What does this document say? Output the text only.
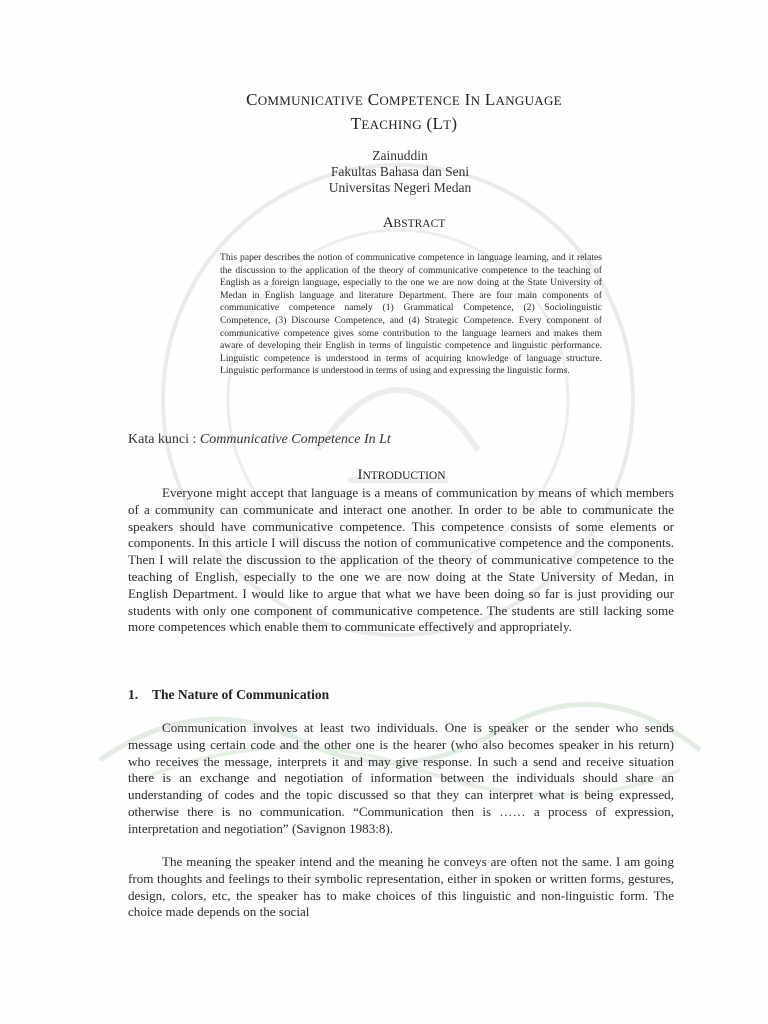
COMMUNICATIVE COMPETENCE IN LANGUAGE
TEACHING (LT)
Zainuddin
Fakultas Bahasa dan Seni
Universitas Negeri Medan
ABSTRACT
This paper describes the notion of communicative competence in language learning, and it relates the discussion to the application of the theory of communicative competence to the teaching of English as a foreign language, especially to the one we are now doing at the State University of Medan in English language and literature Department. There are four main components of communicative competence namely (1) Grammatical Competence, (2) Sociolinguistic Competence, (3) Discourse Competence, and (4) Strategic Competence. Every component of communicative competence gives some contribution to the language learners and makes them aware of developing their English in terms of linguistic competence and linguistic performance. Linguistic competence is understood in terms of acquiring knowledge of language structure. Linguistic performance is understood in terms of using and expressing the linguistic forms.
Kata kunci : Communicative Competence In Lt
INTRODUCTION
Everyone might accept that language is a means of communication by means of which members of a community can communicate and interact one another. In order to be able to communicate the speakers should have communicative competence. This competence consists of some elements or components. In this article I will discuss the notion of communicative competence and the components. Then I will relate the discussion to the application of the theory of communicative competence to the teaching of English, especially to the one we are now doing at the State University of Medan, in English Department. I would like to argue that what we have been doing so far is just providing our students with only one component of communicative competence. The students are still lacking some more competences which enable them to communicate effectively and appropriately.
1. The Nature of Communication
Communication involves at least two individuals. One is speaker or the sender who sends message using certain code and the other one is the hearer (who also becomes speaker in his return) who receives the message, interprets it and may give response. In such a send and receive situation there is an exchange and negotiation of information between the individuals should share an understanding of codes and the topic discussed so that they can interpret what is being expressed, otherwise there is no communication. “Communication then is …… a process of expression, interpretation and negotiation” (Savignon 1983:8).
The meaning the speaker intend and the meaning he conveys are often not the same. I am going from thoughts and feelings to their symbolic representation, either in spoken or written forms, gestures, design, colors, etc, the speaker has to make choices of this linguistic and non-linguistic form. The choice made depends on the social
